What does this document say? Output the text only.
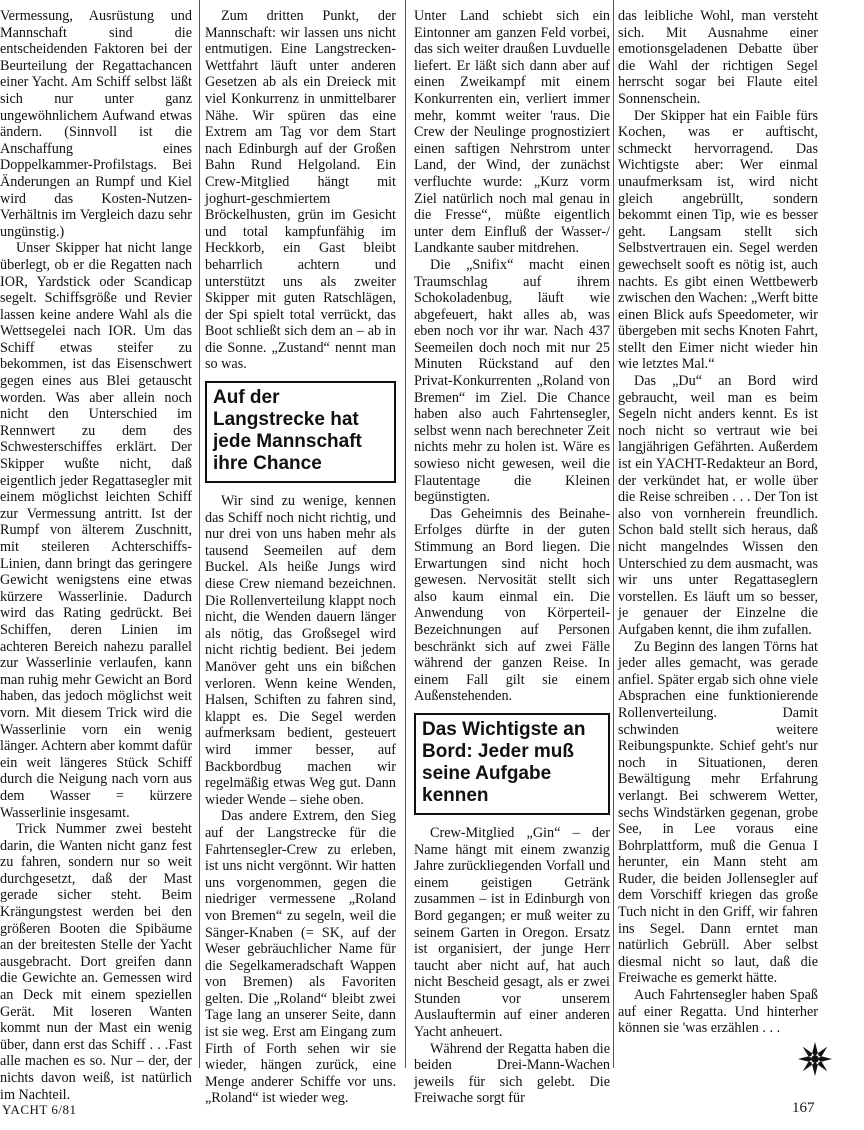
Vermessung, Ausrüstung und Mannschaft sind die entscheidenden Faktoren bei der Beurteilung der Regattachancen einer Yacht. Am Schiff selbst läßt sich nur unter ganz ungewöhnlichem Aufwand etwas ändern. (Sinnvoll ist die Anschaffung eines Doppelkammer-Profilstags. Bei Änderungen an Rumpf und Kiel wird das Kosten-Nutzen-Verhältnis im Vergleich dazu sehr ungünstig.)

Unser Skipper hat nicht lange überlegt, ob er die Regatten nach IOR, Yardstick oder Scandicap segelt. Schiffsgröße und Revier lassen keine andere Wahl als die Wettsegelei nach IOR. Um das Schiff etwas steifer zu bekommen, ist das Eisenschwert gegen eines aus Blei getauscht worden. Was aber allein noch nicht den Unterschied im Rennwert zu dem des Schwesterschiffes erklärt. Der Skipper wußte nicht, daß eigentlich jeder Regattasegler mit einem möglichst leichten Schiff zur Vermessung antritt. Ist der Rumpf von älterem Zuschnitt, mit steileren Achterschiffs-Linien, dann bringt das geringere Gewicht wenigstens eine etwas kürzere Wasserlinie. Dadurch wird das Rating gedrückt. Bei Schiffen, deren Linien im achteren Bereich nahezu parallel zur Wasserlinie verlaufen, kann man ruhig mehr Gewicht an Bord haben, das jedoch möglichst weit vorn. Mit diesem Trick wird die Wasserlinie vorn ein wenig länger. Achtern aber kommt dafür ein weit längeres Stück Schiff durch die Neigung nach vorn aus dem Wasser = kürzere Wasserlinie insgesamt.

Trick Nummer zwei besteht darin, die Wanten nicht ganz fest zu fahren, sondern nur so weit durchgesetzt, daß der Mast gerade sicher steht. Beim Krängungstest werden bei den größeren Booten die Spibäume an der breitesten Stelle der Yacht ausgebracht. Dort greifen dann die Gewichte an. Gemessen wird an Deck mit einem speziellen Gerät. Mit loseren Wanten kommt nun der Mast ein wenig über, dann erst das Schiff . . .Fast alle machen es so. Nur – der, der nichts davon weiß, ist natürlich im Nachteil.

Zum dritten Punkt, der Mannschaft: wir lassen uns nicht entmutigen. Eine Langstrecken-Wettfahrt läuft unter anderen Gesetzen ab als ein Dreieck mit viel Konkurrenz in unmittelbarer Nähe. Wir spüren das eine Extrem am Tag vor dem Start nach Edinburgh auf der Großen Bahn Rund Helgoland. Ein Crew-Mitglied hängt mit joghurt-geschmiertem Bröckelhusten, grün im Gesicht und total kampfunfähig im Heckkorb, ein Gast bleibt beharrlich achtern und unterstützt uns als zweiter Skipper mit guten Ratschlägen, der Spi spielt total verrückt, das Boot schließt sich dem an – ab in die Sonne. „Zustand“ nennt man so was.

Auf der Langstrecke hat jede Mannschaft ihre Chance

Wir sind zu wenige, kennen das Schiff noch nicht richtig, und nur drei von uns haben mehr als tausend Seemeilen auf dem Buckel. Als heiße Jungs wird diese Crew niemand bezeichnen. Die Rollenverteilung klappt noch nicht, die Wenden dauern länger als nötig, das Großsegel wird nicht richtig bedient. Bei jedem Manöver geht uns ein bißchen verloren. Wenn keine Wenden, Halsen, Schiften zu fahren sind, klappt es. Die Segel werden aufmerksam bedient, gesteuert wird immer besser, auf Backbordbug machen wir regelmäßig etwas Weg gut. Dann wieder Wende – siehe oben.

Das andere Extrem, den Sieg auf der Langstrecke für die Fahrtensegler-Crew zu erleben, ist uns nicht vergönnt. Wir hatten uns vorgenommen, gegen die niedriger vermessene „Roland von Bremen“ zu segeln, weil die Sänger-Knaben (= SK, auf der Weser gebräuchlicher Name für die Segelkameradschaft Wappen von Bremen) als Favoriten gelten. Die „Roland“ bleibt zwei Tage lang an unserer Seite, dann ist sie weg. Erst am Eingang zum Firth of Forth sehen wir sie wieder, hängen zurück, eine Menge anderer Schiffe vor uns. „Roland“ ist wieder weg.

Unter Land schiebt sich ein Eintonner am ganzen Feld vorbei, das sich weiter draußen Luvduelle liefert. Er läßt sich dann aber auf einen Zweikampf mit einem Konkurrenten ein, verliert immer mehr, kommt weiter 'raus. Die Crew der Neulinge prognostiziert einen saftigen Nehrstrom unter Land, der Wind, der zunächst verfluchte wurde: „Kurz vorm Ziel natürlich noch mal genau in die Fresse“, müßte eigentlich unter dem Einfluß der Wasser-/ Landkante sauber mitdrehen.

Die „Snifix“ macht einen Traumschlag auf ihrem Schokoladenbug, läuft wie abgefeuert, hakt alles ab, was eben noch vor ihr war. Nach 437 Seemeilen doch noch mit nur 25 Minuten Rückstand auf den Privat-Konkurrenten „Roland von Bremen“ im Ziel. Die Chance haben also auch Fahrtensegler, selbst wenn nach berechneter Zeit nichts mehr zu holen ist. Wäre es sowieso nicht gewesen, weil die Flautentage die Kleinen begünstigten.

Das Geheimnis des Beinahe-Erfolges dürfte in der guten Stimmung an Bord liegen. Die Erwartungen sind nicht hoch gewesen. Nervosität stellt sich also kaum einmal ein. Die Anwendung von Körperteil-Bezeichnungen auf Personen beschränkt sich auf zwei Fälle während der ganzen Reise. In einem Fall gilt sie einem Außenstehenden.

Das Wichtigste an Bord: Jeder muß seine Aufgabe kennen

Crew-Mitglied „Gin“ – der Name hängt mit einem zwanzig Jahre zurückliegenden Vorfall und einem geistigen Getränk zusammen – ist in Edinburgh von Bord gegangen; er muß weiter zu seinem Garten in Oregon. Ersatz ist organisiert, der junge Herr taucht aber nicht auf, hat auch nicht Bescheid gesagt, als er zwei Stunden vor unserem Auslauftermin auf einer anderen Yacht anheuert.

Während der Regatta haben die beiden Drei-Mann-Wachen jeweils für sich gelebt. Die Freiwache sorgt für

das leibliche Wohl, man versteht sich. Mit Ausnahme einer emotionsgeladenen Debatte über die Wahl der richtigen Segel herrscht sogar bei Flaute eitel Sonnenschein.

Der Skipper hat ein Faible fürs Kochen, was er auftischt, schmeckt hervorragend. Das Wichtigste aber: Wer einmal unaufmerksam ist, wird nicht gleich angebrüllt, sondern bekommt einen Tip, wie es besser geht. Langsam stellt sich Selbstvertrauen ein. Segel werden gewechselt sooft es nötig ist, auch nachts. Es gibt einen Wettbewerb zwischen den Wachen: „Werft bitte einen Blick aufs Speedometer, wir übergeben mit sechs Knoten Fahrt, stellt den Eimer nicht wieder hin wie letztes Mal.“

Das „Du“ an Bord wird gebraucht, weil man es beim Segeln nicht anders kennt. Es ist noch nicht so vertraut wie bei langjährigen Gefährten. Außerdem ist ein YACHT-Redakteur an Bord, der verkündet hat, er wolle über die Reise schreiben . . . Der Ton ist also von vornherein freundlich. Schon bald stellt sich heraus, daß nicht mangelndes Wissen den Unterschied zu dem ausmacht, was wir uns unter Regattaseglern vorstellen. Es läuft um so besser, je genauer der Einzelne die Aufgaben kennt, die ihm zufallen.

Zu Beginn des langen Törns hat jeder alles gemacht, was gerade anfiel. Später ergab sich ohne viele Absprachen eine funktionierende Rollenverteilung. Damit schwinden weitere Reibungspunkte. Schief geht's nur noch in Situationen, deren Bewältigung mehr Erfahrung verlangt. Bei schwerem Wetter, sechs Windstärken gegenan, grobe See, in Lee voraus eine Bohrplattform, muß die Genua I herunter, ein Mann steht am Ruder, die beiden Jollensegler auf dem Vorschiff kriegen das große Tuch nicht in den Griff, wir fahren ins Segel. Dann erntet man natürlich Gebrüll. Aber selbst diesmal nicht so laut, daß die Freiwache es gemerkt hätte.

Auch Fahrtensegler haben Spaß auf einer Regatta. Und hinterher können sie 'was erzählen . . .

YACHT 6/81	167
